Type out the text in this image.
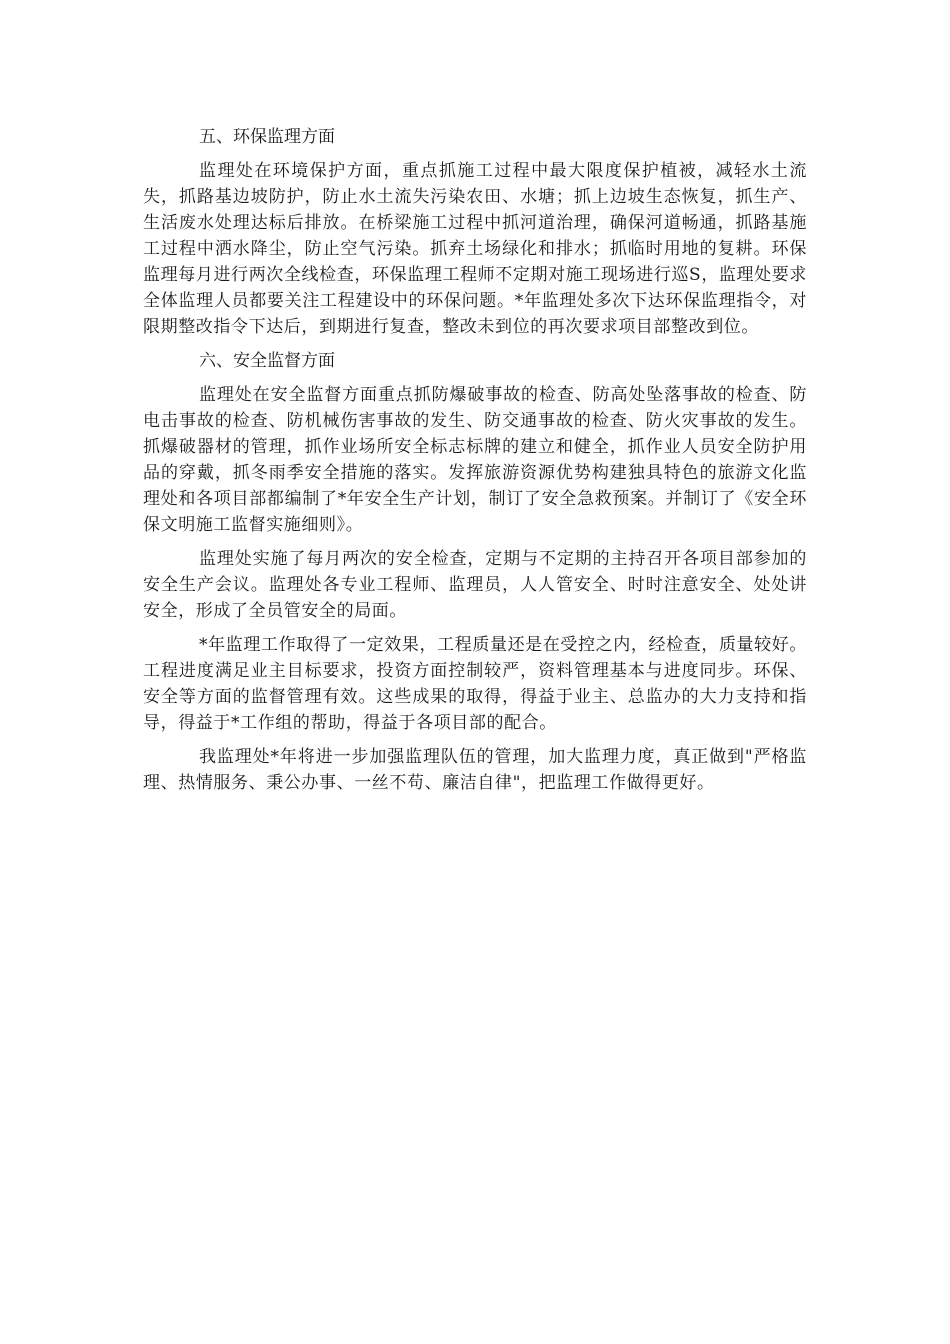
五、环保监理方面

监理处在环境保护方面，重点抓施工过程中最大限度保护植被，减轻水土流失，抓路基边坡防护，防止水土流失污染农田、水塘；抓上边坡生态恢复，抓生产、生活废水处理达标后排放。在桥梁施工过程中抓河道治理，确保河道畅通，抓路基施工过程中洒水降尘，防止空气污染。抓弃土场绿化和排水；抓临时用地的复耕。环保监理每月进行两次全线检查，环保监理工程师不定期对施工现场进行巡S，监理处要求全体监理人员都要关注工程建设中的环保问题。*年监理处多次下达环保监理指令，对限期整改指令下达后，到期进行复查，整改未到位的再次要求项目部整改到位。

六、安全监督方面

监理处在安全监督方面重点抓防爆破事故的检查、防高处坠落事故的检查、防电击事故的检查、防机械伤害事故的发生、防交通事故的检查、防火灾事故的发生。抓爆破器材的管理，抓作业场所安全标志标牌的建立和健全，抓作业人员安全防护用品的穿戴，抓冬雨季安全措施的落实。发挥旅游资源优势构建独具特色的旅游文化监理处和各项目部都编制了*年安全生产计划，制订了安全急救预案。并制订了《安全环保文明施工监督实施细则》。

监理处实施了每月两次的安全检查，定期与不定期的主持召开各项目部参加的安全生产会议。监理处各专业工程师、监理员，人人管安全、时时注意安全、处处讲安全，形成了全员管安全的局面。

*年监理工作取得了一定效果，工程质量还是在受控之内，经检查，质量较好。工程进度满足业主目标要求，投资方面控制较严，资料管理基本与进度同步。环保、安全等方面的监督管理有效。这些成果的取得，得益于业主、总监办的大力支持和指导，得益于*工作组的帮助，得益于各项目部的配合。

我监理处*年将进一步加强监理队伍的管理，加大监理力度，真正做到"严格监理、热情服务、秉公办事、一丝不苟、廉洁自律"，把监理工作做得更好。
